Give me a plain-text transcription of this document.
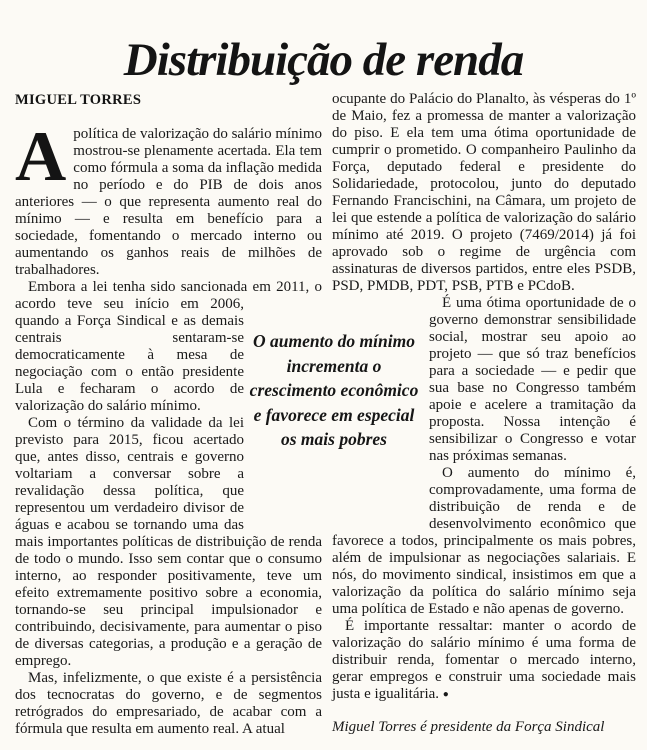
Distribuição de renda
MIGUEL TORRES

Apolítica de valorização do salário mínimo mostrou-se plenamente acertada. Ela tem como fórmula a soma da inflação medida no período e do PIB de dois anos anteriores — o que representa aumento real do mínimo — e resulta em benefício para a sociedade, fomentando o mercado interno ou aumentando os ganhos reais de milhões de trabalhadores.

Embora a lei tenha sido sancionada em 2011, o acordo teve seu início em 2006, quando a Força Sindical e as demais centrais sentaram-se democraticamente à mesa de negociação com o então presidente Lula e fecharam o acordo de valorização do salário mínimo.

Com o término da validade da lei previsto para 2015, ficou acertado que, antes disso, centrais e governo voltariam a conversar sobre a revalidação dessa política, que representou um verdadeiro divisor de águas e acabou se tornando uma das mais importantes políticas de distribuição de renda de todo o mundo. Isso sem contar que o consumo interno, ao responder positivamente, teve um efeito extremamente positivo sobre a economia, tornando-se seu principal impulsionador e contribuindo, decisivamente, para aumentar o piso de diversas categorias, a produção e a geração de emprego.

Mas, infelizmente, o que existe é a persistência dos tecnocratas do governo, e de segmentos retrógrados do empresariado, de acabar com a fórmula que resulta em aumento real. A atual

ocupante do Palácio do Planalto, às vésperas do 1º de Maio, fez a promessa de manter a valorização do piso. E ela tem uma ótima oportunidade de cumprir o prometido. O companheiro Paulinho da Força, deputado federal e presidente do Solidariedade, protocolou, junto do deputado Fernando Francischini, na Câmara, um projeto de lei que estende a política de valorização do salário mínimo até 2019. O projeto (7469/2014) já foi aprovado sob o regime de urgência com assinaturas de diversos partidos, entre eles PSDB, PSD, PMDB, PDT, PSB, PTB e PCdoB.

É uma ótima oportunidade de o governo demonstrar sensibilidade social, mostrar seu apoio ao projeto — que só traz benefícios para a sociedade — e pedir que sua base no Congresso também apoie e acelere a tramitação da proposta. Nossa intenção é sensibilizar o Congresso e votar nas próximas semanas.

O aumento do mínimo é, comprovadamente, uma forma de distribuição de renda e de desenvolvimento econômico que favorece a todos, principalmente os mais pobres, além de impulsionar as negociações salariais. E nós, do movimento sindical, insistimos em que a valorização da política do salário mínimo seja uma política de Estado e não apenas de governo.

É importante ressaltar: manter o acordo de valorização do salário mínimo é uma forma de distribuir renda, fomentar o mercado interno, gerar empregos e construir uma sociedade mais justa e igualitária. ●

Miguel Torres é presidente da Força Sindical

O aumento do mínimo incrementa o crescimento econômico e favorece em especial os mais pobres
